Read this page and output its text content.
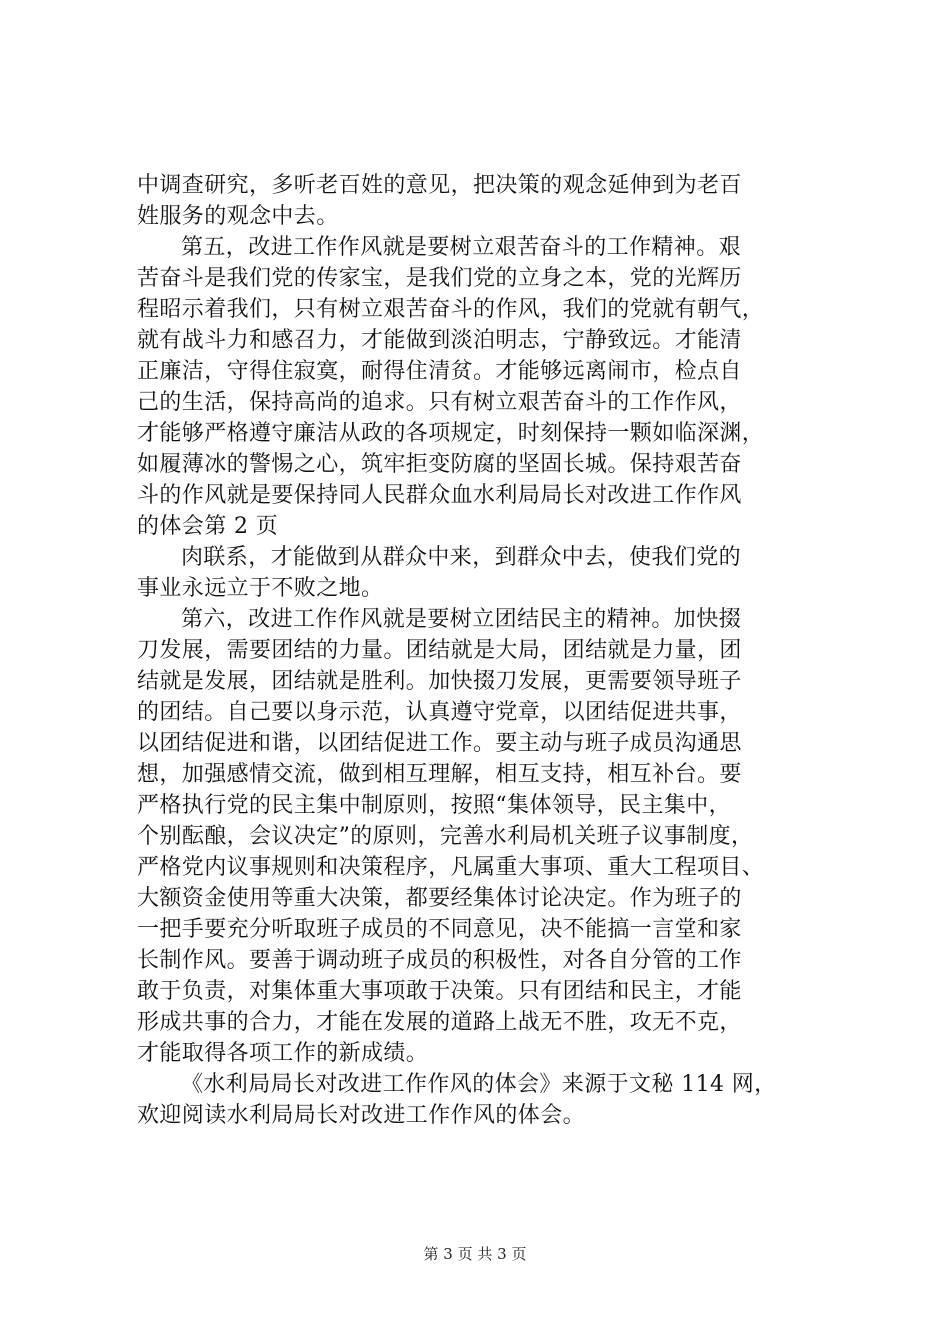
中调查研究，多听老百姓的意见，把决策的观念延伸到为老百
姓服务的观念中去。
第五，改进工作作风就是要树立艰苦奋斗的工作精神。艰
苦奋斗是我们党的传家宝，是我们党的立身之本，党的光辉历
程昭示着我们，只有树立艰苦奋斗的作风，我们的党就有朝气，
就有战斗力和感召力，才能做到淡泊明志，宁静致远。才能清
正廉洁，守得住寂寞，耐得住清贫。才能够远离闹市，检点自
己的生活，保持高尚的追求。只有树立艰苦奋斗的工作作风，
才能够严格遵守廉洁从政的各项规定，时刻保持一颗如临深渊，
如履薄冰的警惕之心，筑牢拒变防腐的坚固长城。保持艰苦奋
斗的作风就是要保持同人民群众血水利局局长对改进工作作风
的体会第 2 页
肉联系，才能做到从群众中来，到群众中去，使我们党的
事业永远立于不败之地。
第六，改进工作作风就是要树立团结民主的精神。加快掇
刀发展，需要团结的力量。团结就是大局，团结就是力量，团
结就是发展，团结就是胜利。加快掇刀发展，更需要领导班子
的团结。自己要以身示范，认真遵守党章，以团结促进共事，
以团结促进和谐，以团结促进工作。要主动与班子成员沟通思
想，加强感情交流，做到相互理解，相互支持，相互补台。要
严格执行党的民主集中制原则，按照“集体领导，民主集中，
个别酝酿，会议决定”的原则，完善水利局机关班子议事制度，
严格党内议事规则和决策程序，凡属重大事项、重大工程项目、
大额资金使用等重大决策，都要经集体讨论决定。作为班子的
一把手要充分听取班子成员的不同意见，决不能搞一言堂和家
长制作风。要善于调动班子成员的积极性，对各自分管的工作
敢于负责，对集体重大事项敢于决策。只有团结和民主，才能
形成共事的合力，才能在发展的道路上战无不胜，攻无不克，
才能取得各项工作的新成绩。
《水利局局长对改进工作作风的体会》来源于文秘 114 网，
欢迎阅读水利局局长对改进工作作风的体会。
第 3 页 共 3 页
